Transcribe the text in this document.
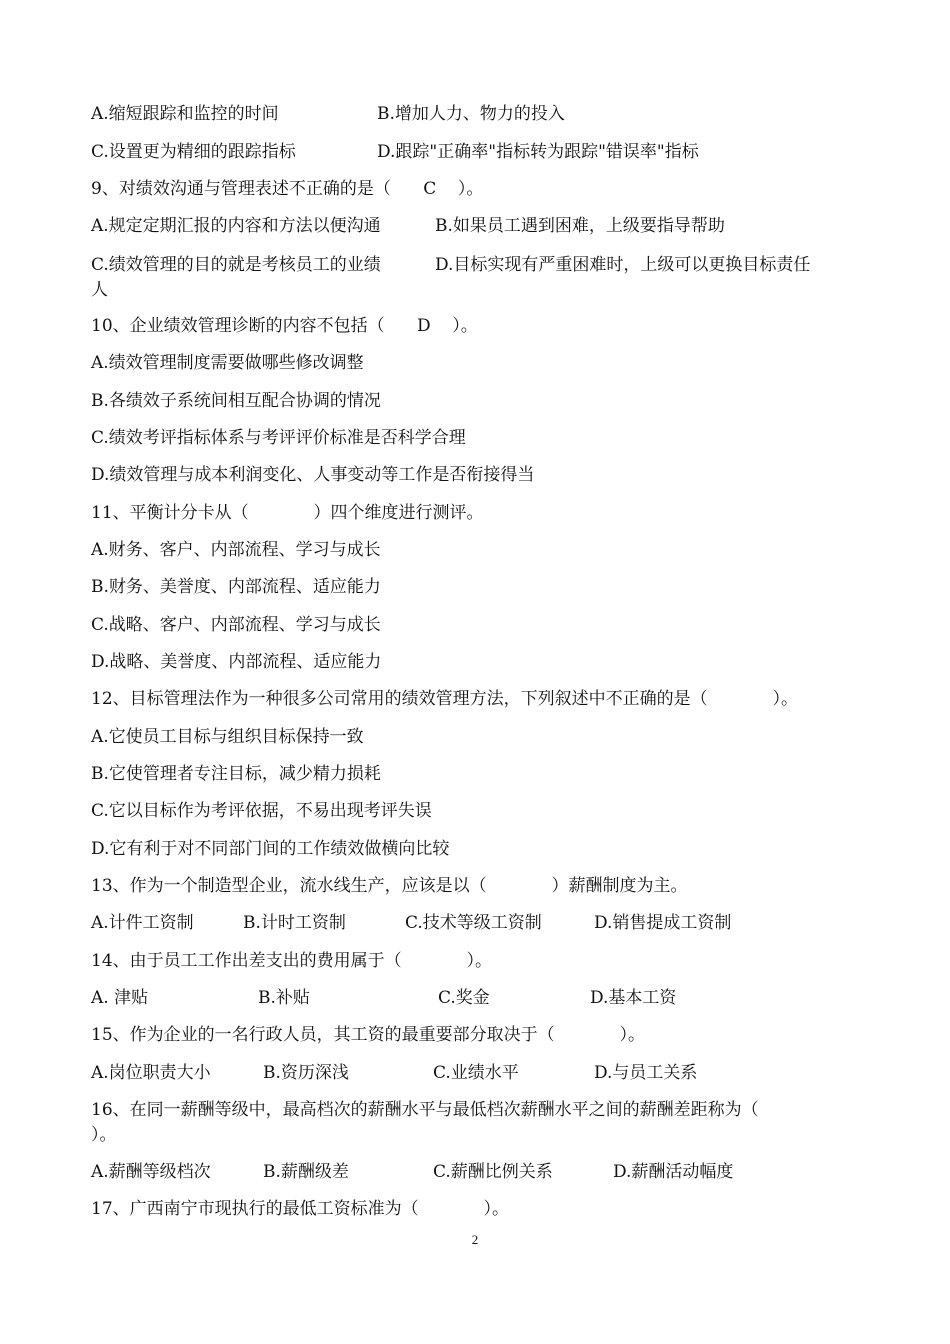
A.缩短跟踪和监控的时间	B.增加人力、物力的投入
C.设置更为精细的跟踪指标	D.跟踪"正确率"指标转为跟踪"错误率"指标
9、对绩效沟通与管理表述不正确的是（      C    ）。
A.规定定期汇报的内容和方法以便沟通	B.如果员工遇到困难，上级要指导帮助
C.绩效管理的目的就是考核员工的业绩	D.目标实现有严重困难时，上级可以更换目标责任
人
10、企业绩效管理诊断的内容不包括（      D    ）。
A.绩效管理制度需要做哪些修改调整
B.各绩效子系统间相互配合协调的情况
C.绩效考评指标体系与考评评价标准是否科学合理
D.绩效管理与成本利润变化、人事变动等工作是否衔接得当
11、平衡计分卡从（            ）四个维度进行测评。
A.财务、客户、内部流程、学习与成长
B.财务、美誉度、内部流程、适应能力
C.战略、客户、内部流程、学习与成长
D.战略、美誉度、内部流程、适应能力
12、目标管理法作为一种很多公司常用的绩效管理方法，下列叙述中不正确的是（            ）。
A.它使员工目标与组织目标保持一致
B.它使管理者专注目标，减少精力损耗
C.它以目标作为考评依据，不易出现考评失误
D.它有利于对不同部门间的工作绩效做横向比较
13、作为一个制造型企业，流水线生产，应该是以（            ）薪酬制度为主。
A.计件工资制	B.计时工资制	C.技术等级工资制	D.销售提成工资制
14、由于员工工作出差支出的费用属于（            ）。
A. 津贴	B.补贴	C.奖金	D.基本工资
15、作为企业的一名行政人员，其工资的最重要部分取决于（            ）。
A.岗位职责大小	B.资历深浅	C.业绩水平	D.与员工关系
16、在同一薪酬等级中，最高档次的薪酬水平与最低档次薪酬水平之间的薪酬差距称为（
）。
A.薪酬等级档次	B.薪酬级差	C.薪酬比例关系	D.薪酬活动幅度
17、广西南宁市现执行的最低工资标准为（            ）。
2
